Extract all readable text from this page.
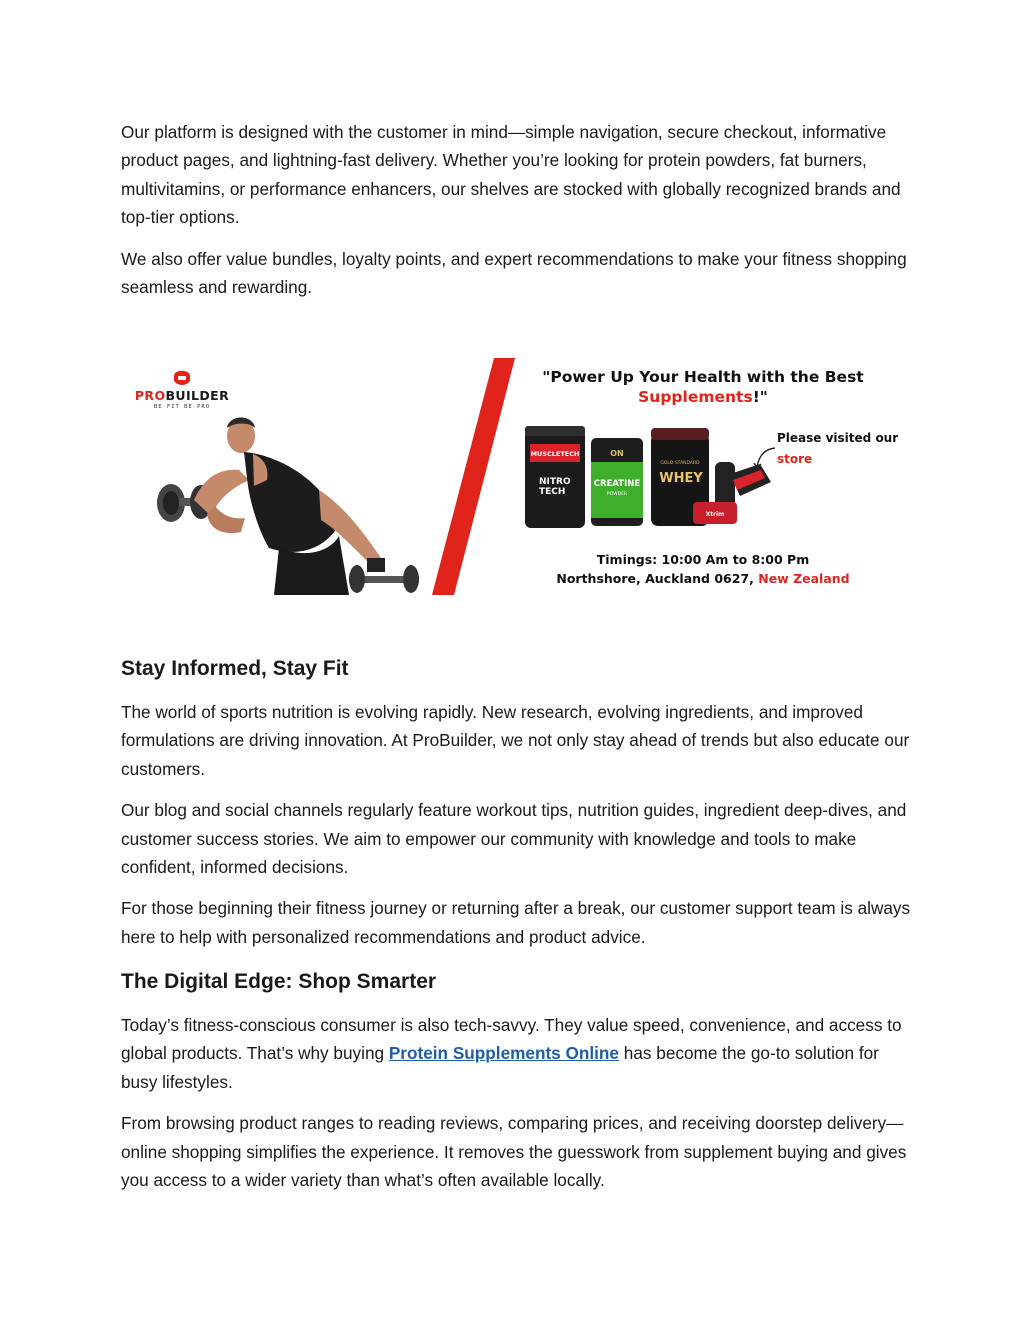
Our platform is designed with the customer in mind—simple navigation, secure checkout, informative product pages, and lightning-fast delivery. Whether you’re looking for protein powders, fat burners, multivitamins, or performance enhancers, our shelves are stocked with globally recognized brands and top-tier options.

We also offer value bundles, loyalty points, and expert recommendations to make your fitness shopping seamless and rewarding.

PROBUILDER
BE FIT BE PRO
"Power Up Your Health with the Best
Supplements!"
MUSCLETECH
NITRO
TECH
ON
CREATINE
POWDER
GOLD STANDARD
WHEY
Xtrim
Please visited our
store
Timings: 10:00 Am to 8:00 Pm
Northshore, Auckland 0627, New Zealand
Stay Informed, Stay Fit

The world of sports nutrition is evolving rapidly. New research, evolving ingredients, and improved formulations are driving innovation. At ProBuilder, we not only stay ahead of trends but also educate our customers.

Our blog and social channels regularly feature workout tips, nutrition guides, ingredient deep-dives, and customer success stories. We aim to empower our community with knowledge and tools to make confident, informed decisions.

For those beginning their fitness journey or returning after a break, our customer support team is always here to help with personalized recommendations and product advice.

The Digital Edge: Shop Smarter

Today’s fitness-conscious consumer is also tech-savvy. They value speed, convenience, and access to global products. That’s why buying Protein Supplements Online has become the go-to solution for busy lifestyles.

From browsing product ranges to reading reviews, comparing prices, and receiving doorstep delivery—online shopping simplifies the experience. It removes the guesswork from supplement buying and gives you access to a wider variety than what’s often available locally.
